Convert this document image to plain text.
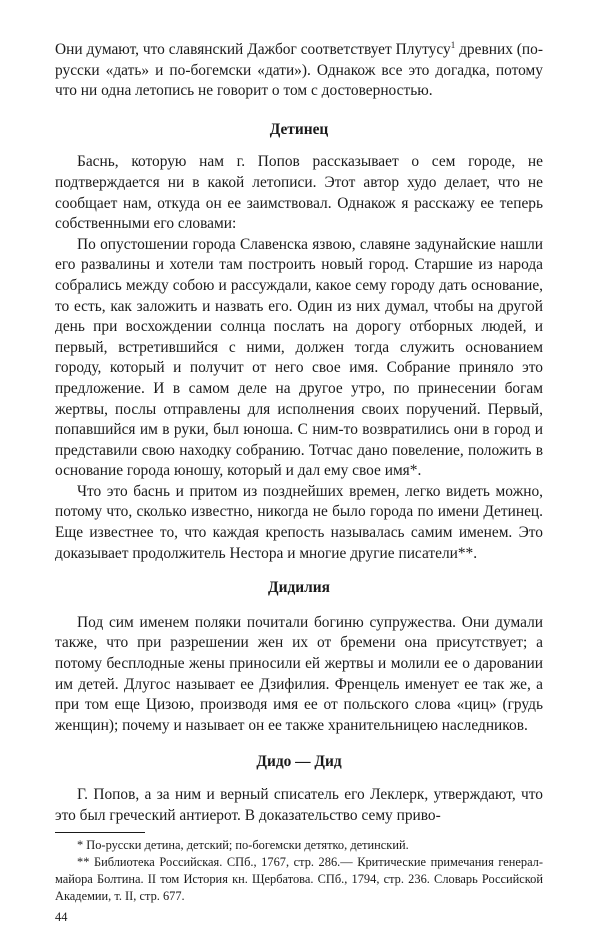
Они думают, что славянский Дажбог соответствует Плутусу$^1$ древних (по-русски «дать» и по-богемски «дати»). Однакож все это догадка, потому что ни одна летопись не говорит о том с достоверностью.

Детинец

Баснь, которую нам г. Попов рассказывает о сем городе, не подтверждается ни в какой летописи. Этот автор худо делает, что не сообщает нам, откуда он ее заимствовал. Однакож я расскажу ее теперь собственными его словами:

По опустошении города Славенска язвою, славяне задунайские нашли его развалины и хотели там построить новый город. Старшие из народа собрались между собою и рассуждали, какое сему городу дать основание, то есть, как заложить и назвать его. Один из них думал, чтобы на другой день при восхождении солнца послать на дорогу отборных людей, и первый, встретившийся с ними, должен тогда служить основанием городу, который и получит от него свое имя. Собрание приняло это предложение. И в самом деле на другое утро, по принесении богам жертвы, послы отправлены для исполнения своих поручений. Первый, попавшийся им в руки, был юноша. С ним-то возвратились они в город и представили свою находку собранию. Тотчас дано повеление, положить в основание города юношу, который и дал ему свое имя*.

Что это баснь и притом из позднейших времен, легко видеть можно, потому что, сколько известно, никогда не было города по имени Детинец. Еще известнее то, что каждая крепость называлась самим именем. Это доказывает продолжитель Нестора и многие другие писатели**.

Дидилия

Под сим именем поляки почитали богиню супружества. Они думали также, что при разрешении жен их от бремени она присутствует; а потому бесплодные жены приносили ей жертвы и молили ее о даровании им детей. Длугос называет ее Дзифилия. Френцель именует ее так же, а при том еще Цизою, производя имя ее от польского слова «циц» (грудь женщин); почему и называет он ее также хранительницею наследников.

Дидо — Дид

Г. Попов, а за ним и верный списатель его Леклерк, утверждают, что это был греческий антиерот. В доказательство сему приво-

* По-русски детина, детский; по-богемски детятко, детинский.

** Библиотека Российская. СПб., 1767, стр. 286.— Критические примечания генерал-майора Болтина. II том История кн. Щербатова. СПб., 1794, стр. 236. Словарь Российской Академии, т. II, стр. 677.

44
